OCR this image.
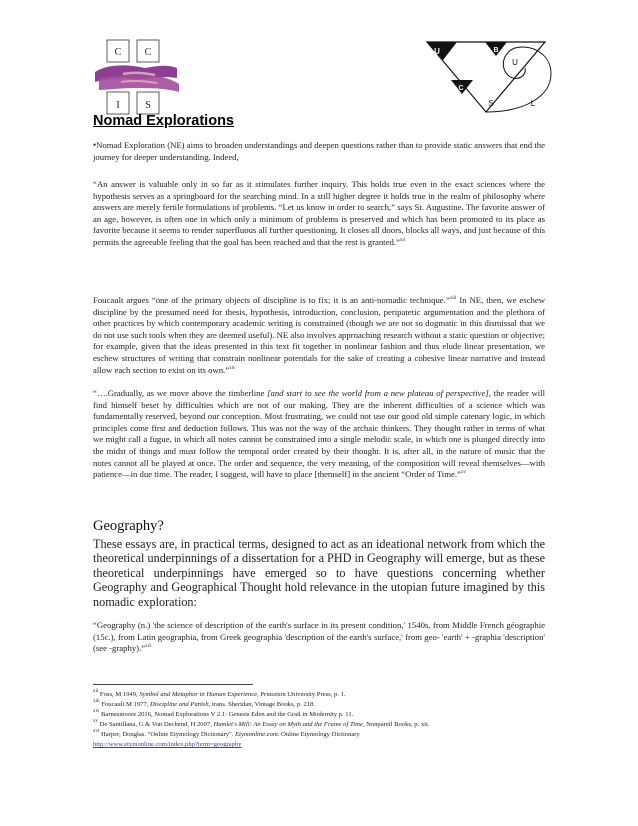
C C
I	S
U	B
U
C
S	L
Nomad Explorations

•Nomad Exploration (NE) aims to broaden understandings and deepen questions rather than to provide static answers that end the journey for deeper understanding. Indeed,

“An answer is valuable only in so far as it stimulates further inquiry. This holds true even in the exact sciences where the hypothesis serves as a springboard for the searching mind. In a still higher degree it holds true in the realm of philosophy where answers are merely fertile formulations of problems. “Let us know in order to search,” says St. Augustine. The favorite answer of an age, however, is often one in which only a minimum of problems is preserved and which has been promoted to its place as favorite because it seems to render superfluous all further questioning. It closes all doors, blocks all ways, and just because of this permits the agreeable feeling that the goal has been reached and that the rest is granted.”$^{xii}$

Foucault argues “one of the primary objects of discipline is to fix; it is an anti-nomadic technique.”$^{xiii}$ In NE, then, we eschew discipline by the presumed need for thesis, hypothesis, introduction, conclusion, peripatetic argumentation and the plethora of other practices by which contemporary academic writing is constrained (though we are not so dogmatic in this dismissal that we do not use such tools when they are deemed useful). NE also involves approaching research without a static question or objective; for example, given that the ideas presented in this text fit together in nonlinear fashion and thus elude linear presentation, we eschew structures of writing that constrain nonlinear potentials for the sake of creating a cohesive linear narrative and instead allow each section to exist on its own.”$^{xiv}$

“….Gradually, as we move above the timberline [and start to see the world from a new plateau of perspective], the reader will find himself beset by difficulties which are not of our making. They are the inherent difficulties of a science which was fundamentally reserved, beyond our conception. Most frustrating, we could not use our good old simple catenary logic, in which principles come first and deduction follows. This was not the way of the archaic thinkers. They thought rather in terms of what we might call a fugue, in which all notes cannot be constrained into a single melodic scale, in which one is plunged directly into the midst of things and must follow the temporal order created by their thought. It is, after all, in the nature of music that the notes cannot all be played at once. The order and sequence, the very meaning, of the composition will reveal themselves—with patience—in due time. The reader, I suggest, will have to place [themself] in the ancient “Order of Time.”$^{xv}$

Geography?

These essays are, in practical terms, designed to act as an ideational network from which the theoretical underpinnings of a dissertation for a PHD in Geography will emerge, but as these theoretical underpinnings have emerged so to have questions concerning whether Geography and Geographical Thought hold relevance in the utopian future imagined by this nomadic exploration:

“Geography (n.) 'the science of description of the earth's surface in its present condition,' 1540s, from Middle French géographie (15c.), from Latin geographia, from Greek geographia 'description of the earth's surface,' from geo- 'earth' + -graphia 'description' (see -graphy).”$^{xvi}$

$^{xii}$ Foss, M 1949, Symbol and Metaphor in Human Experience, Princeton University Press, p. 1.
$^{xiii}$ Foucault M 1977, Discipline and Punish, trans. Sheridan, Vintage Books, p. 218.
$^{xiv}$ Barnesmoore 2016, Nomad Explorations V 2.1: Genesis Eden and the Grail in Modernity p. 11.
$^{xv}$ De Santillana, G & Von Dechend, H 2007, Hamlet's Mill: An Essay on Myth and the Frame of Time, Nonpareil Books, p. xii.
$^{xvi}$ Harper, Douglas. "Online Etymology Dictionary". Etymonline.com. Online Etymology Dictionary
http://www.etymonline.com/index.php?term=geography
